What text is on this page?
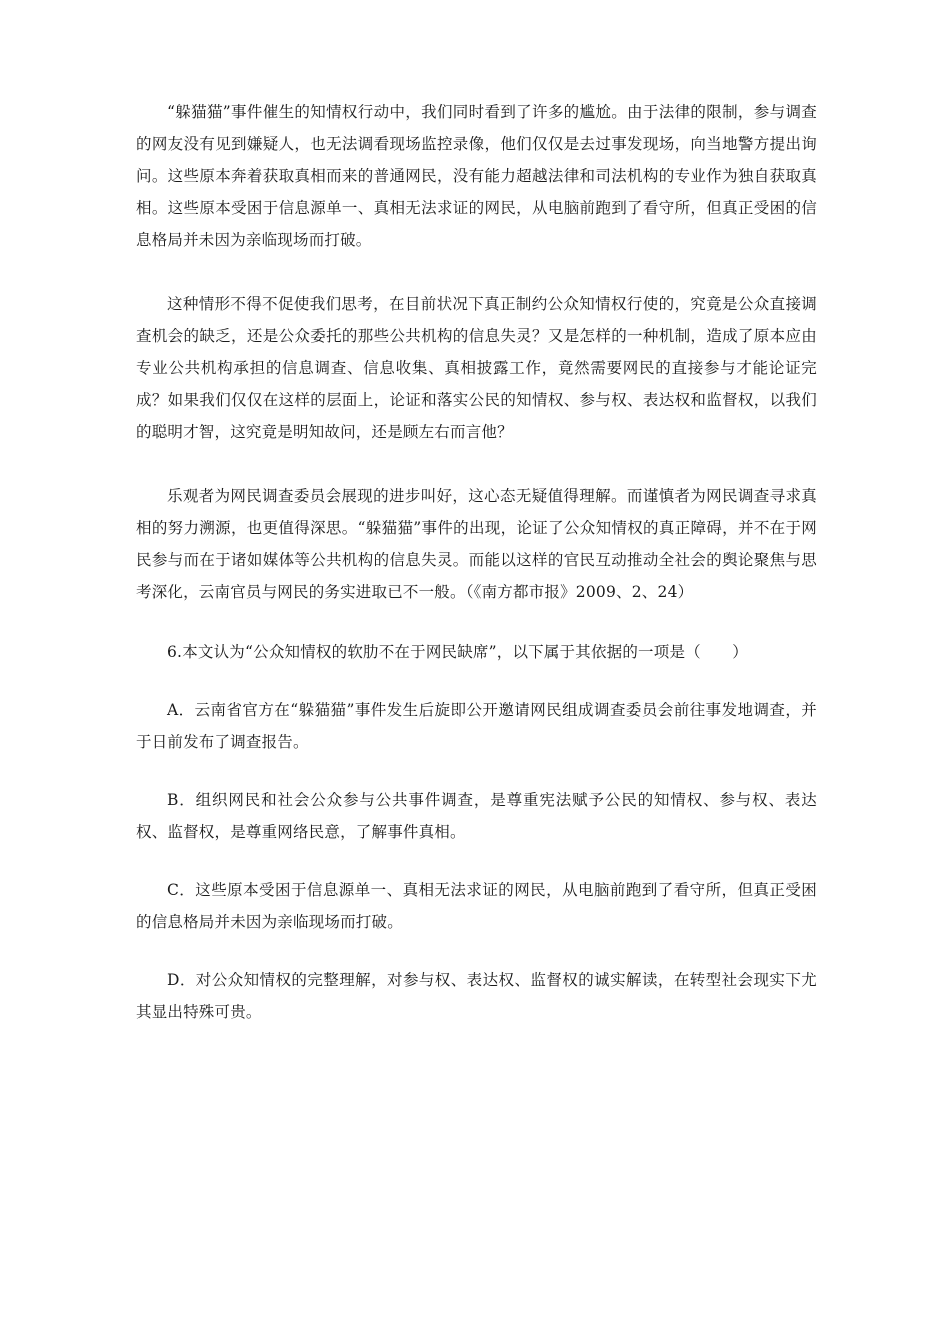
“躲猫猫”事件催生的知情权行动中，我们同时看到了许多的尴尬。由于法律的限制，参与调查的网友没有见到嫌疑人，也无法调看现场监控录像，他们仅仅是去过事发现场，向当地警方提出询问。这些原本奔着获取真相而来的普通网民，没有能力超越法律和司法机构的专业作为独自获取真相。这些原本受困于信息源单一、真相无法求证的网民，从电脑前跑到了看守所，但真正受困的信息格局并未因为亲临现场而打破。

这种情形不得不促使我们思考，在目前状况下真正制约公众知情权行使的，究竟是公众直接调查机会的缺乏，还是公众委托的那些公共机构的信息失灵？又是怎样的一种机制，造成了原本应由专业公共机构承担的信息调查、信息收集、真相披露工作，竟然需要网民的直接参与才能论证完成？如果我们仅仅在这样的层面上，论证和落实公民的知情权、参与权、表达权和监督权，以我们的聪明才智，这究竟是明知故问，还是顾左右而言他？

乐观者为网民调查委员会展现的进步叫好，这心态无疑值得理解。而谨慎者为网民调查寻求真相的努力溯源，也更值得深思。“躲猫猫”事件的出现，论证了公众知情权的真正障碍，并不在于网民参与而在于诸如媒体等公共机构的信息失灵。而能以这样的官民互动推动全社会的舆论聚焦与思考深化，云南官员与网民的务实进取已不一般。（《南方都市报》2009、2、24）

6.本文认为“公众知情权的软肋不在于网民缺席”，以下属于其依据的一项是（　　）

A．云南省官方在“躲猫猫”事件发生后旋即公开邀请网民组成调查委员会前往事发地调查，并于日前发布了调查报告。

B．组织网民和社会公众参与公共事件调查，是尊重宪法赋予公民的知情权、参与权、表达权、监督权，是尊重网络民意，了解事件真相。

C．这些原本受困于信息源单一、真相无法求证的网民，从电脑前跑到了看守所，但真正受困的信息格局并未因为亲临现场而打破。

D．对公众知情权的完整理解，对参与权、表达权、监督权的诚实解读，在转型社会现实下尤其显出特殊可贵。
